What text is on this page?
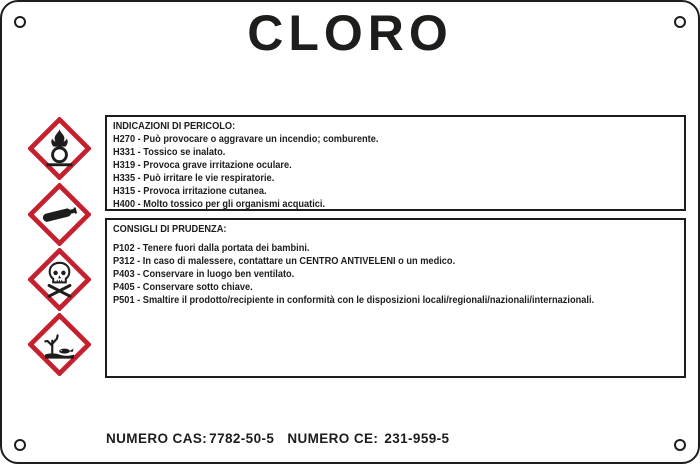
CLORO
INDICAZIONI DI PERICOLO:
H270 - Può provocare o aggravare un incendio; comburente.
H331 - Tossico se inalato.
H319 - Provoca grave irritazione oculare.
H335 - Può irritare le vie respiratorie.
H315 - Provoca irritazione cutanea.
H400 - Molto tossico per gli organismi acquatici.
CONSIGLI DI PRUDENZA:
P102 - Tenere fuori dalla portata dei bambini.
P312 - In caso di malessere, contattare un CENTRO ANTIVELENI o un medico.
P403 - Conservare in luogo ben ventilato.
P405 - Conservare sotto chiave.
P501 - Smaltire il prodotto/recipiente in conformità con le disposizioni locali/regionali/nazionali/internazionali.
NUMERO CAS: 7782-50-5 NUMERO CE: 231-959-5
